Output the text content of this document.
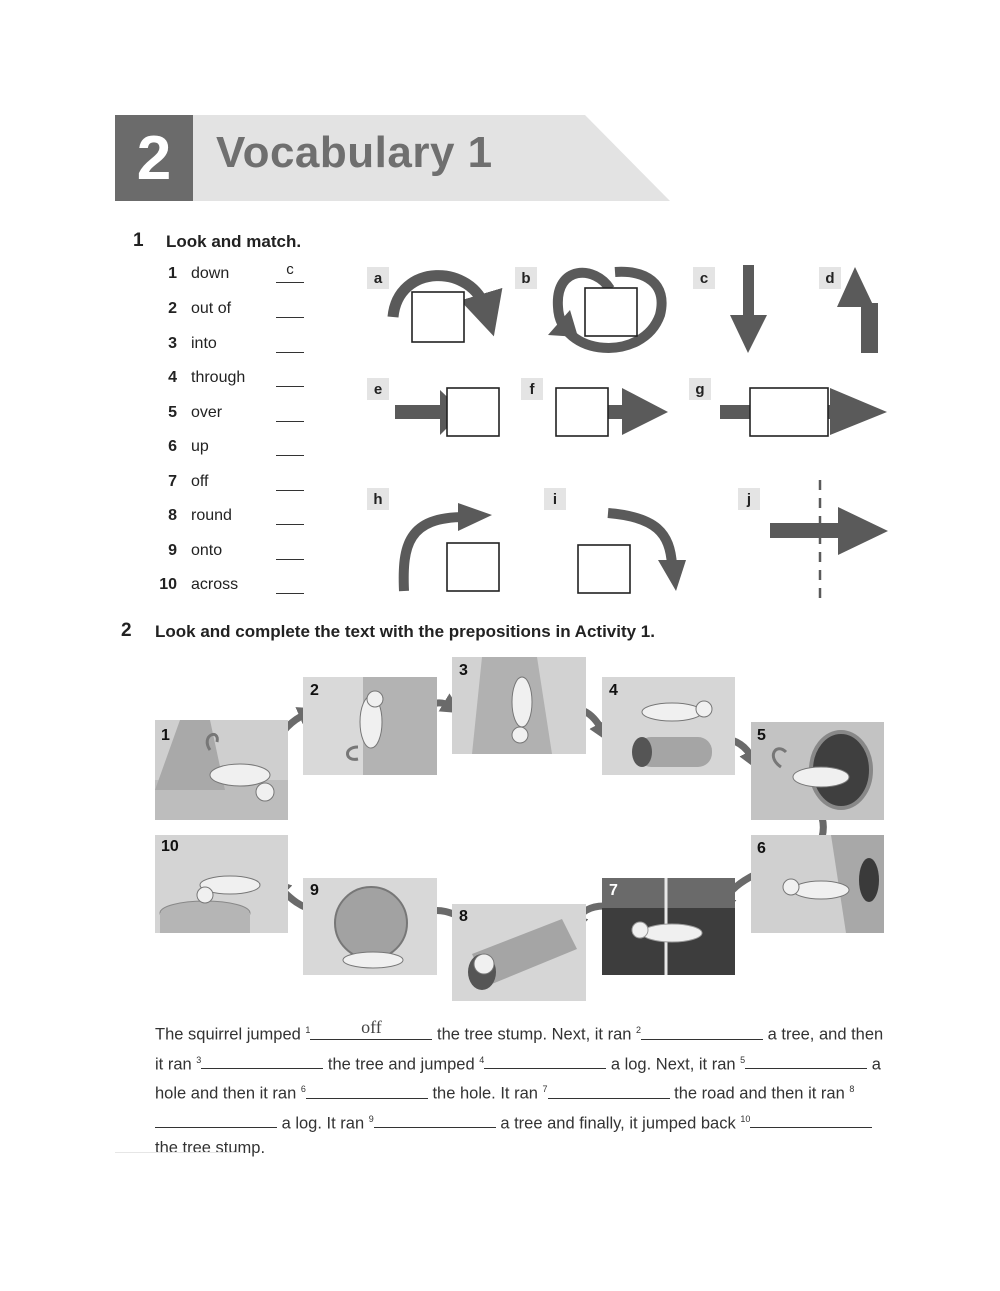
2	Vocabulary 1
1 Look and match.
1 down	c
2 out of
3 into
4 through
5 over
6 up
7 off
8 round
9 onto
10 across
a	b	c	d
e	f	g
h	i	j
2 Look and complete the text with the prepositions in Activity 1.
1
2
3
4
5
6
7
8
9
10
The squirrel jumped $^1$	off	the tree stump. Next, it ran $^2$	a tree, and then it ran $^3$	the tree and jumped $^4$	a log. Next, it ran $^5$	a hole and then it ran $^6$	the hole. It ran $^7$	the road and then it ran $^8$
a log. It ran $^9$	a tree and finally, it jumped back $^{10}$
the tree stump.
